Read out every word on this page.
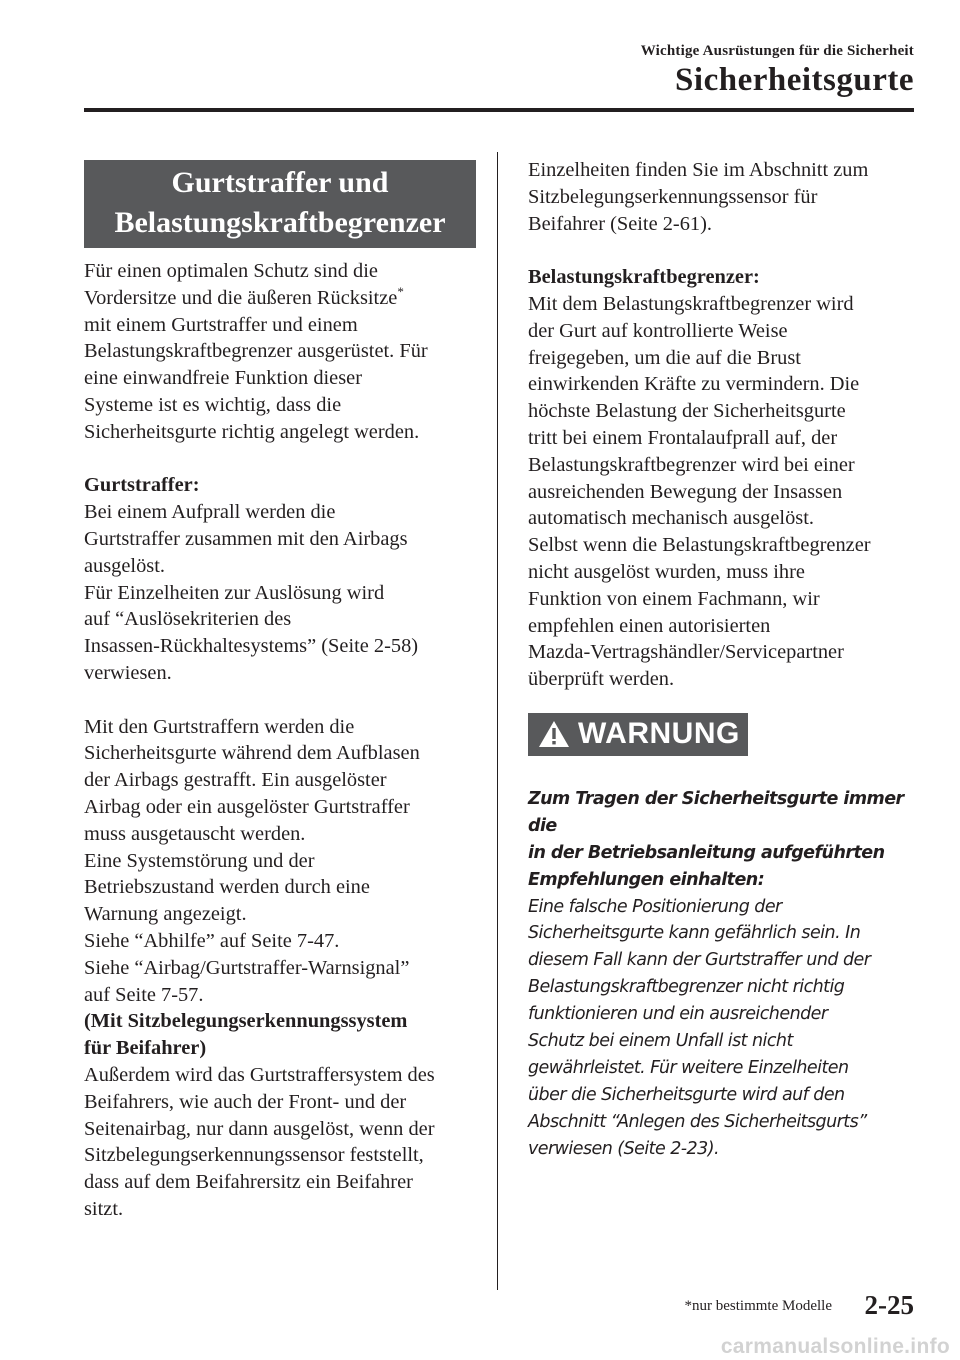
Wichtige Ausrüstungen für die Sicherheit
Sicherheitsgurte
Gurtstraffer und
Belastungskraftbegrenzer

Für einen optimalen Schutz sind die

Vordersitze und die äußeren Rücksitze*

mit einem Gurtstraffer und einem

Belastungskraftbegrenzer ausgerüstet. Für

eine einwandfreie Funktion dieser

Systeme ist es wichtig, dass die

Sicherheitsgurte richtig angelegt werden.

Gurtstraffer:

Bei einem Aufprall werden die

Gurtstraffer zusammen mit den Airbags

ausgelöst.

Für Einzelheiten zur Auslösung wird

auf “Auslösekriterien des

Insassen-Rückhaltesystems” (Seite 2-58)

verwiesen.

Mit den Gurtstraffern werden die

Sicherheitsgurte während dem Aufblasen

der Airbags gestrafft. Ein ausgelöster

Airbag oder ein ausgelöster Gurtstraffer

muss ausgetauscht werden.

Eine Systemstörung und der

Betriebszustand werden durch eine

Warnung angezeigt.

Siehe “Abhilfe” auf Seite 7-47.

Siehe “Airbag/Gurtstraffer-Warnsignal”

auf Seite 7-57.

(Mit Sitzbelegungserkennungssystem

für Beifahrer)

Außerdem wird das Gurtstraffersystem des

Beifahrers, wie auch der Front- und der

Seitenairbag, nur dann ausgelöst, wenn der

Sitzbelegungserkennungssensor feststellt,

dass auf dem Beifahrersitz ein Beifahrer

sitzt.

Einzelheiten finden Sie im Abschnitt zum

Sitzbelegungserkennungssensor für

Beifahrer (Seite 2-61).

Belastungskraftbegrenzer:

Mit dem Belastungskraftbegrenzer wird

der Gurt auf kontrollierte Weise

freigegeben, um die auf die Brust

einwirkenden Kräfte zu vermindern. Die

höchste Belastung der Sicherheitsgurte

tritt bei einem Frontalaufprall auf, der

Belastungskraftbegrenzer wird bei einer

ausreichenden Bewegung der Insassen

automatisch mechanisch ausgelöst.

Selbst wenn die Belastungskraftbegrenzer

nicht ausgelöst wurden, muss ihre

Funktion von einem Fachmann, wir

empfehlen einen autorisierten

Mazda-Vertragshändler/Servicepartner

überprüft werden.

WARNUNG
Zum Tragen der Sicherheitsgurte immer die
in der Betriebsanleitung aufgeführten
Empfehlungen einhalten:
Eine falsche Positionierung der
Sicherheitsgurte kann gefährlich sein. In
diesem Fall kann der Gurtstraffer und der
Belastungskraftbegrenzer nicht richtig
funktionieren und ein ausreichender
Schutz bei einem Unfall ist nicht
gewährleistet. Für weitere Einzelheiten
über die Sicherheitsgurte wird auf den
Abschnitt “Anlegen des Sicherheitsgurts”
verwiesen (Seite 2-23).
*nur bestimmte Modelle 2-25
carmanualsonline.info
